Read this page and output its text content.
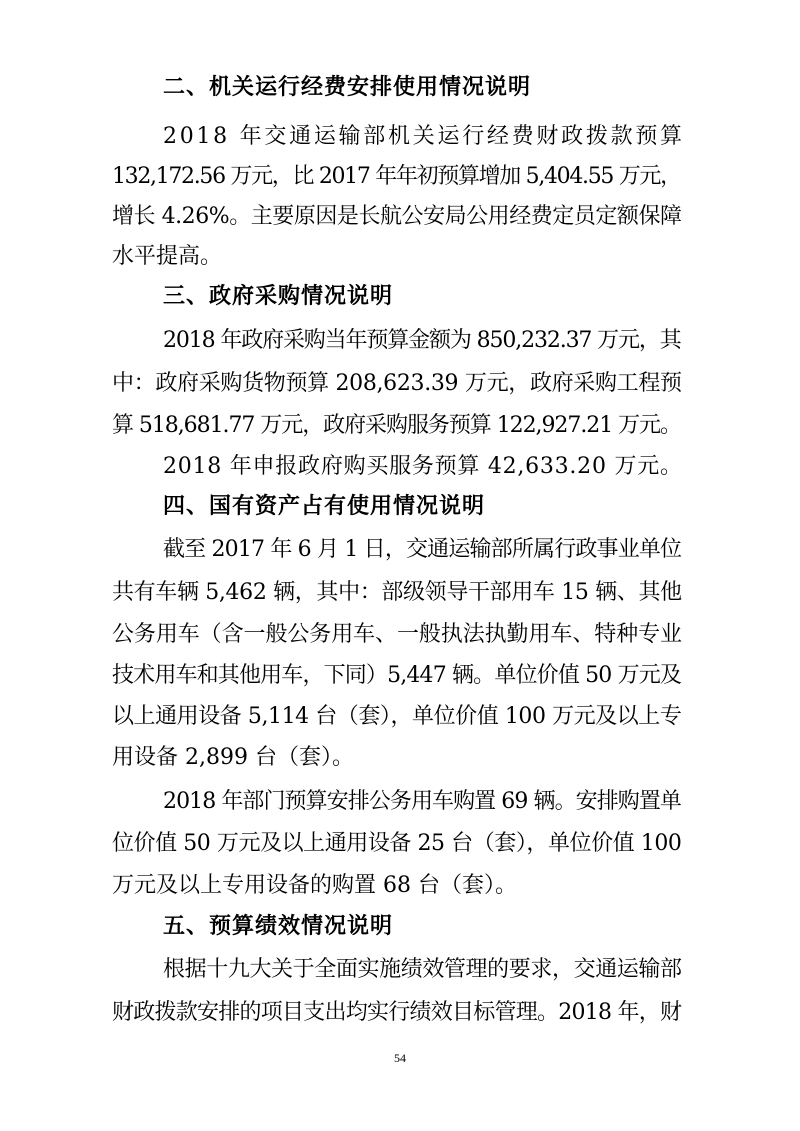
二、机关运行经费安排使用情况说明
2018 年交通运输部机关运行经费财政拨款预算
132,172.56 万元，比 2017 年年初预算增加 5,404.55 万元，
增长 4.26%。主要原因是长航公安局公用经费定员定额保障
水平提高。
三、政府采购情况说明
2018 年政府采购当年预算金额为 850,232.37 万元，其
中：政府采购货物预算 208,623.39 万元，政府采购工程预
算 518,681.77 万元，政府采购服务预算 122,927.21 万元。
2018 年申报政府购买服务预算 42,633.20 万元。
四、国有资产占有使用情况说明
截至 2017 年 6 月 1 日，交通运输部所属行政事业单位
共有车辆 5,462 辆，其中：部级领导干部用车 15 辆、其他
公务用车（含一般公务用车、一般执法执勤用车、特种专业
技术用车和其他用车，下同）5,447 辆。单位价值 50 万元及
以上通用设备 5,114 台（套），单位价值 100 万元及以上专
用设备 2,899 台（套）。
2018 年部门预算安排公务用车购置 69 辆。安排购置单
位价值 50 万元及以上通用设备 25 台（套），单位价值 100
万元及以上专用设备的购置 68 台（套）。
五、预算绩效情况说明
根据十九大关于全面实施绩效管理的要求，交通运输部
财政拨款安排的项目支出均实行绩效目标管理。2018 年，财
54
